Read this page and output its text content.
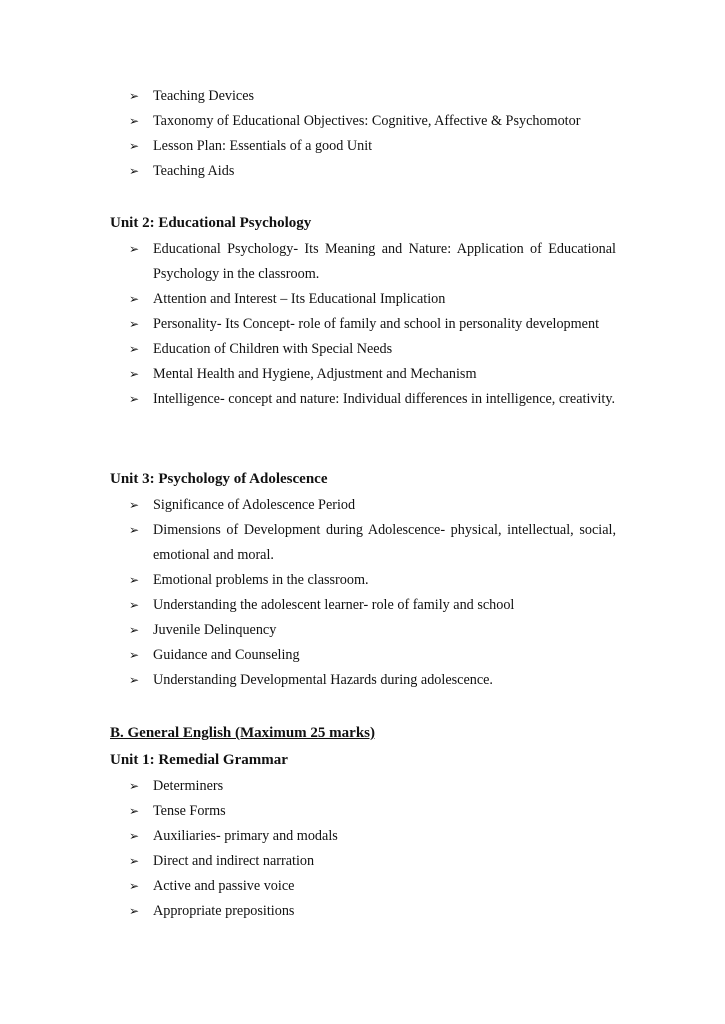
➢ Teaching Devices
➢ Taxonomy of Educational Objectives: Cognitive, Affective & Psychomotor
➢ Lesson Plan: Essentials of a good Unit
➢ Teaching Aids
Unit 2: Educational Psychology
➢ Educational Psychology- Its Meaning and Nature: Application of Educational Psychology in the classroom.
➢ Attention and Interest – Its Educational Implication
➢ Personality- Its Concept- role of family and school in personality development
➢ Education of Children with Special Needs
➢ Mental Health and Hygiene, Adjustment and Mechanism
➢ Intelligence- concept and nature: Individual differences in intelligence, creativity.
Unit 3: Psychology of Adolescence
➢ Significance of Adolescence Period
➢ Dimensions of Development during Adolescence- physical, intellectual, social, emotional and moral.
➢ Emotional problems in the classroom.
➢ Understanding the adolescent learner- role of family and school
➢ Juvenile Delinquency
➢ Guidance and Counseling
➢ Understanding Developmental Hazards during adolescence.
B. General English (Maximum 25 marks)
Unit 1: Remedial Grammar
➢ Determiners
➢ Tense Forms
➢ Auxiliaries- primary and modals
➢ Direct and indirect narration
➢ Active and passive voice
➢ Appropriate prepositions
